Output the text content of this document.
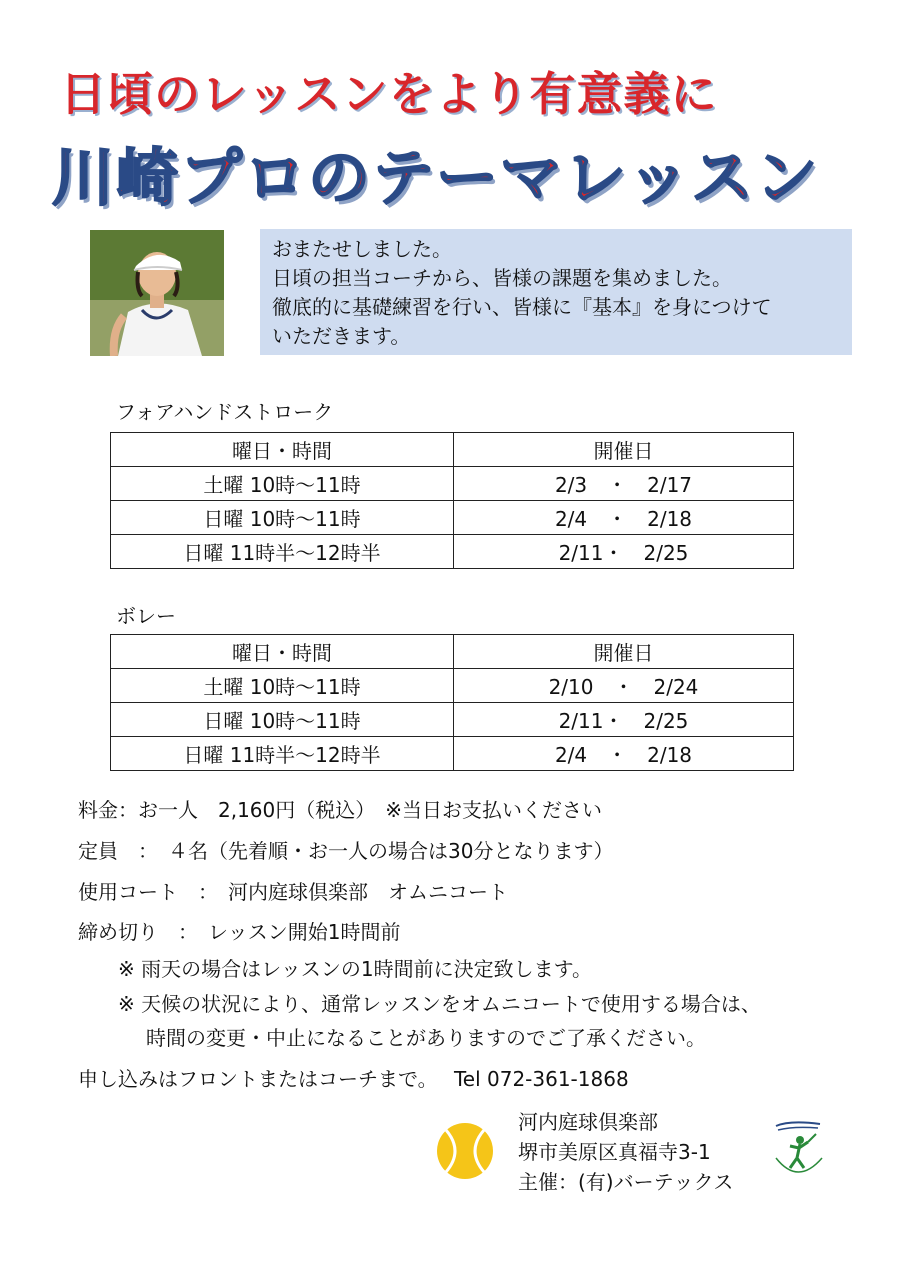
日頃のレッスンをより有意義に
川崎プロのテーマレッスン
おまたせしました。
日頃の担当コーチから、皆様の課題を集めました。
徹底的に基礎練習を行い、皆様に『基本』を身につけて
いただきます。
フォアハンドストローク
曜日・時間	開催日
土曜 10時～11時	2/3　・　2/17
日曜 10時～11時	2/4　・　2/18
日曜 11時半～12時半	2/11・　2/25
ボレー
曜日・時間	開催日
土曜 10時～11時	2/10　・　2/24
日曜 10時～11時	2/11・　2/25
日曜 11時半～12時半	2/4　・　2/18
料金：お一人　2,160円（税込）　※当日お支払いください
定員　：　４名（先着順・お一人の場合は30分となります）
使用コート　：　河内庭球倶楽部　オムニコート
締め切り　：　レッスン開始1時間前
※ 雨天の場合はレッスンの1時間前に決定致します。
※ 天候の状況により、通常レッスンをオムニコートで使用する場合は、
時間の変更・中止になることがありますのでご了承ください。
申し込みはフロントまたはコーチまで。　 Tel 072-361-1868
河内庭球倶楽部
堺市美原区真福寺3-1
主催：(有)バーテックス
